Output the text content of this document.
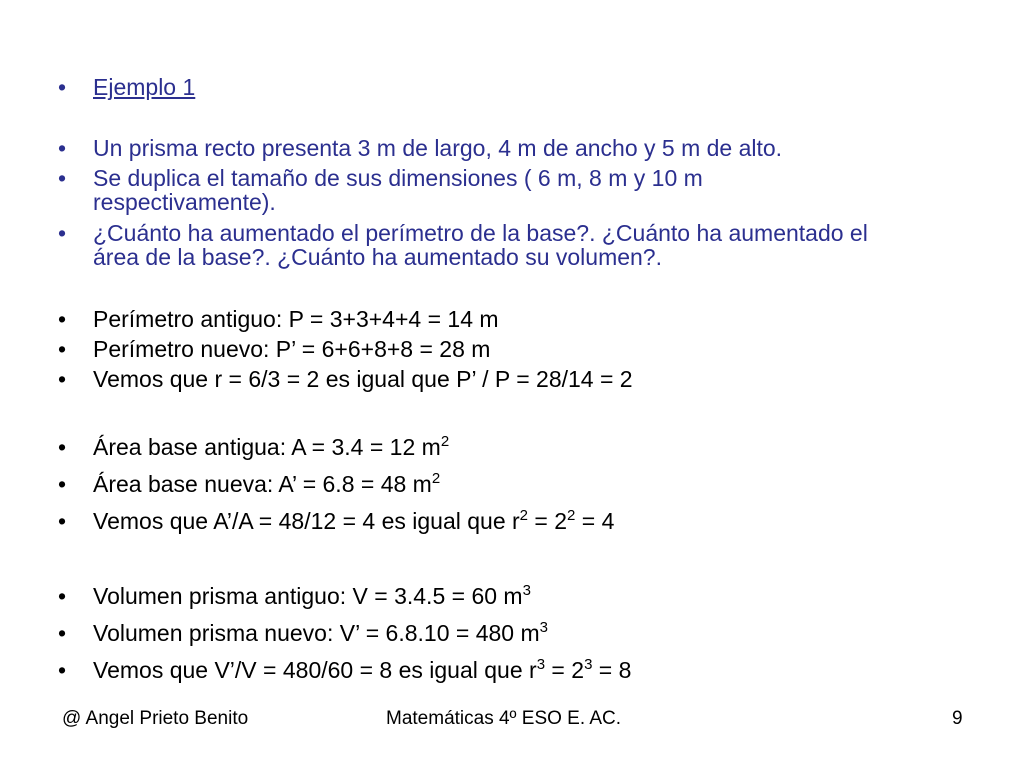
•	Ejemplo 1
•	Un prisma recto presenta 3 m de largo, 4 m de ancho y 5 m de alto.
•	Se duplica el tamaño de sus dimensiones ( 6 m, 8 m y 10 m
respectivamente).
•	¿Cuánto ha aumentado el perímetro de la base?. ¿Cuánto ha aumentado el
área de la base?. ¿Cuánto ha aumentado su volumen?.
•	Perímetro antiguo: P = 3+3+4+4 = 14 m
•	Perímetro nuevo: P’ = 6+6+8+8 = 28 m
•	Vemos que r = 6/3 = 2 es igual que P’ / P = 28/14 = 2
•	Área base antigua: A = 3.4 = 12 $m^2$
•	Área base nueva: A’ = 6.8 = 48 $m^2$
•	Vemos que A’/A = 48/12 = 4 es igual que $r^2 = 2^2 = 4$
•	Volumen prisma antiguo: V = 3.4.5 = 60 $m^3$
•	Volumen prisma nuevo: V’ = 6.8.10 = 480 $m^3$
•	Vemos que V’/V = 480/60 = 8 es igual que $r^3 = 2^3 = 8$
@ Angel Prieto Benito	Matemáticas 4º ESO E. AC.	9
